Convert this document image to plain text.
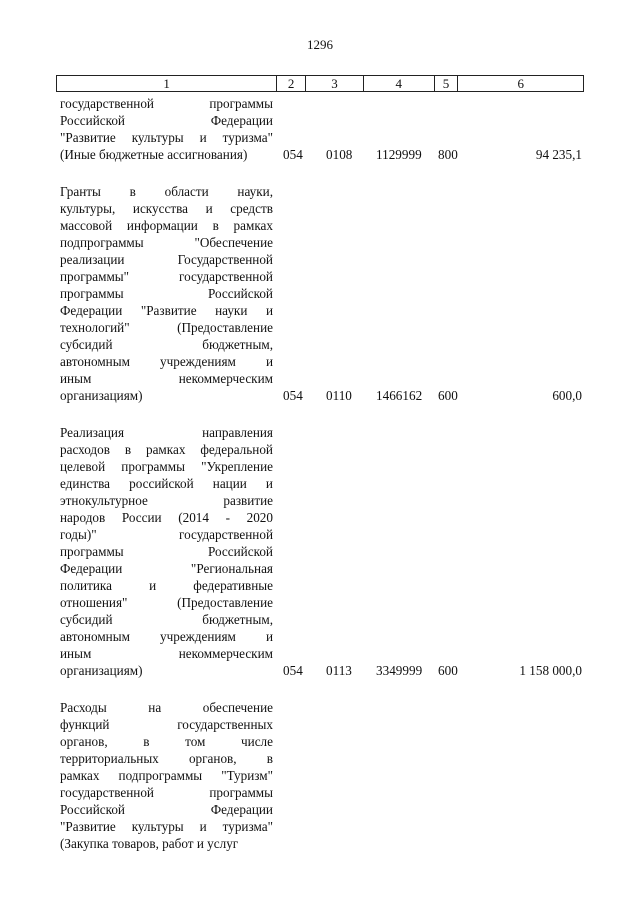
1296
1	2	3	4	5	6
государственной программы
Российской Федерации
"Развитие культуры и туризма"
(Иные бюджетные ассигнования)	054 0108 1129999 800	94 235,1
Гранты в области науки,
культуры, искусства и средств
массовой информации в рамках
подпрограммы "Обеспечение
реализации Государственной
программы" государственной
программы Российской
Федерации "Развитие науки и
технологий" (Предоставление
субсидий бюджетным,
автономным учреждениям и
иным некоммерческим
организациям)	054 0110 1466162 600	600,0
Реализация направления
расходов в рамках федеральной
целевой программы "Укрепление
единства российской нации и
этнокультурное развитие
народов России (2014 - 2020
годы)" государственной
программы Российской
Федерации "Региональная
политика и федеративные
отношения" (Предоставление
субсидий бюджетным,
автономным учреждениям и
иным некоммерческим
организациям)	054 0113 3349999 600	1 158 000,0
Расходы на обеспечение
функций государственных
органов, в том числе
территориальных органов, в
рамках подпрограммы "Туризм"
государственной программы
Российской Федерации
"Развитие культуры и туризма"
(Закупка товаров, работ и услуг
